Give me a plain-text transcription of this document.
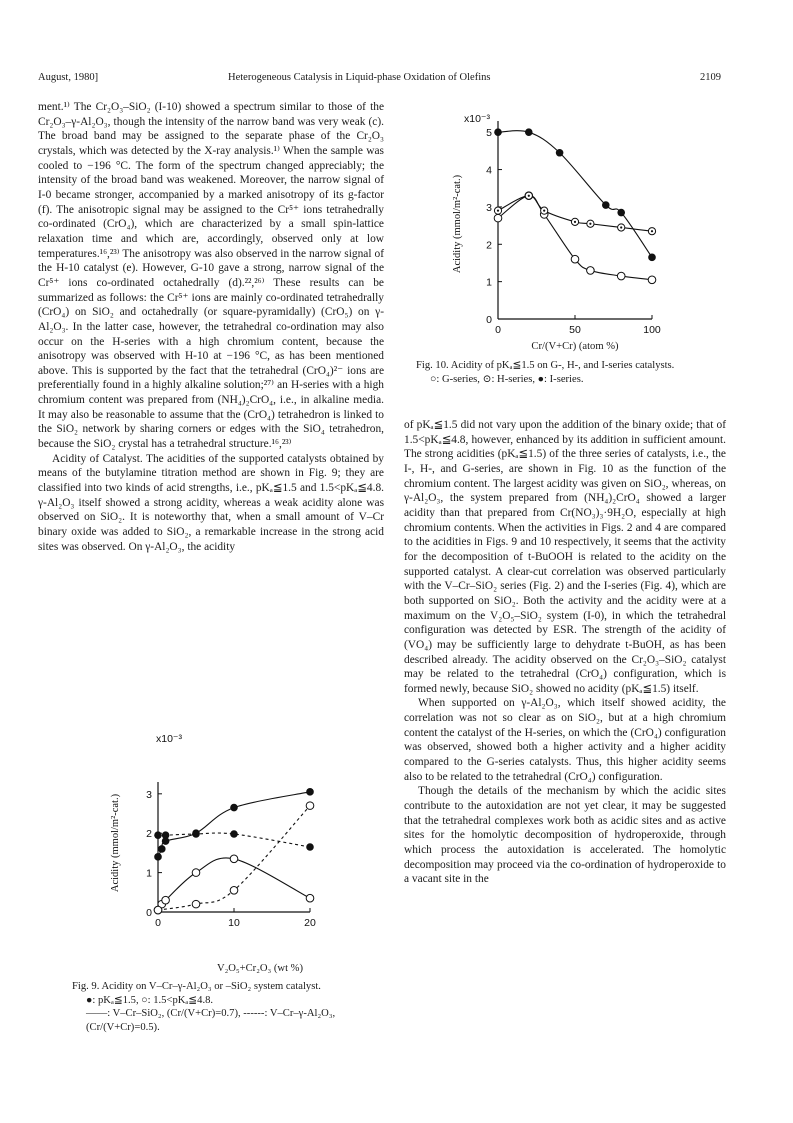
August, 1980]	Heterogeneous Catalysis in Liquid-phase Oxidation of Olefins	2109

ment.¹⁾ The Cr₂O₃–SiO₂ (I-10) showed a spectrum similar to those of the Cr₂O₃–γ-Al₂O₃, though the intensity of the narrow band was very weak (c). The broad band may be assigned to the separate phase of the Cr₂O₃ crystals, which was detected by the X-ray analysis.¹⁾ When the sample was cooled to −196 °C. The form of the spectrum changed appreciably; the intensity of the broad band was weakened. Moreover, the narrow signal of I-0 became stronger, accompanied by a marked anisotropy of its g-factor (f). The anisotropic signal may be assigned to the Cr⁵⁺ ions tetrahedrally co-ordinated (CrO₄), which are characterized by a small spin-lattice relaxation time and which are, accordingly, observed only at low temperatures.¹⁶,²³⁾ The anisotropy was also observed in the narrow signal of the H-10 catalyst (e). However, G-10 gave a strong, narrow signal of the Cr⁵⁺ ions co-ordinated octahedrally (d).²²,²⁶⁾ These results can be summarized as follows: the Cr⁵⁺ ions are mainly co-ordinated tetrahedrally (CrO₄) on SiO₂ and octahedrally (or square-pyramidally) (CrO₅) on γ-Al₂O₃. In the latter case, however, the tetrahedral co-ordination may also occur on the H-series with a high chromium content, because the anisotropy was observed with H-10 at −196 °C, as has been mentioned above. This is supported by the fact that the tetrahedral (CrO₄)²⁻ ions are preferentially found in a highly alkaline solution;²⁷⁾ an H-series with a high chromium content was prepared from (NH₄)₂CrO₄, i.e., in alkaline media. It may also be reasonable to assume that the (CrO₄) tetrahedron is linked to the SiO₂ network by sharing corners or edges with the SiO₄ tetrahedron, because the SiO₂ crystal has a tetrahedral structure.¹⁶,²³⁾

Acidity of Catalyst. The acidities of the supported catalysts obtained by means of the butylamine titration method are shown in Fig. 9; they are classified into two kinds of acid strengths, i.e., pKₐ≦1.5 and 1.5<pKₐ≦4.8. γ-Al₂O₃ itself showed a strong acidity, whereas a weak acidity alone was observed on SiO₂. It is noteworthy that, when a small amount of V–Cr binary oxide was added to SiO₂, a remarkable increase in the strong acid sites was observed. On γ-Al₂O₃, the acidity

x10⁻³
Acidity (mmol/m²-cat.)
0	10	20
0
1
2
3
V₂O₅+Cr₂O₃ (wt %)

Fig. 9. Acidity on V–Cr–γ-Al₂O₃ or –SiO₂ system catalyst.

●: pKₐ≦1.5, ○: 1.5<pKₐ≦4.8.

——: V–Cr–SiO₂, (Cr/(V+Cr)=0.7), ------: V–Cr–γ-Al₂O₃, (Cr/(V+Cr)=0.5).

x10⁻³
Acidity (mmol/m²-cat.)
0	50	100
0
1
2
3
4
5
Cr/(V+Cr) (atom %)

Fig. 10. Acidity of pKₐ≦1.5 on G-, H-, and I-series catalysts.

○: G-series, ⊙: H-series, ●: I-series.

of pKₐ≦1.5 did not vary upon the addition of the binary oxide; that of 1.5<pKₐ≦4.8, however, enhanced by its addition in sufficient amount. The strong acidities (pKₐ≦1.5) of the three series of catalysts, i.e., the I-, H-, and G-series, are shown in Fig. 10 as the function of the chromium content. The largest acidity was given on SiO₂, whereas, on γ-Al₂O₃, the system prepared from (NH₄)₂CrO₄ showed a larger acidity than that prepared from Cr(NO₃)₃·9H₂O, especially at high chromium contents. When the activities in Figs. 2 and 4 are compared to the acidities in Figs. 9 and 10 respectively, it seems that the activity for the decomposition of t-BuOOH is related to the acidity on the supported catalyst. A clear-cut correlation was observed particularly with the V–Cr–SiO₂ series (Fig. 2) and the I-series (Fig. 4), which are both supported on SiO₂. Both the activity and the acidity were at a maximum on the V₂O₅–SiO₂ system (I-0), in which the tetrahedral configuration was detected by ESR. The strength of the acidity of (VO₄) may be sufficiently large to dehydrate t-BuOH, as has been described already. The acidity observed on the Cr₂O₃–SiO₂ catalyst may be related to the tetrahedral (CrO₄) configuration, which is formed newly, because SiO₂ showed no acidity (pKₐ≦1.5) itself.

When supported on γ-Al₂O₃, which itself showed acidity, the correlation was not so clear as on SiO₂, but at a high chromium content the catalyst of the H-series, on which the (CrO₄) configuration was observed, showed both a higher activity and a higher acidity compared to the G-series catalysts. Thus, this higher acidity seems also to be related to the tetrahedral (CrO₄) configuration.

Though the details of the mechanism by which the acidic sites contribute to the autoxidation are not yet clear, it may be suggested that the tetrahedral complexes work both as acidic sites and as active sites for the homolytic decomposition of hydroperoxide, through which process the autoxidation is accelerated. The homolytic decomposition may proceed via the co-ordination of hydroperoxide to a vacant site in the
